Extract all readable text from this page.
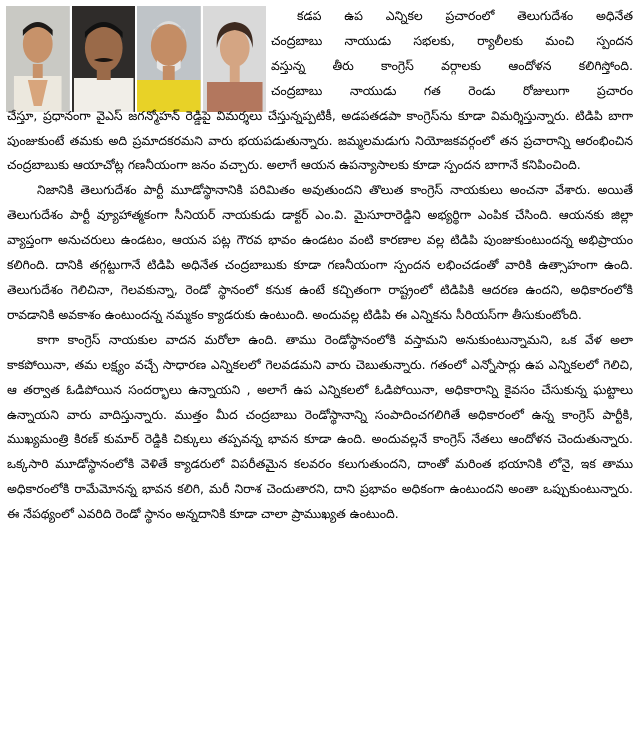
కడప ఉప ఎన్నికల ప్రచారంలో తెలుగుదేశం అధినేత
చంద్రబాబు నాయుడు సభలకు, ర్యాలీలకు మంచి స్పందన
వస్తున్న తీరు కాంగ్రెస్ వర్గాలకు ఆందోళన కలిగిస్తోంది.
చంద్రబాబు నాయుడు గత రెండు రోజులుగా ప్రచారం
చేస్తూ, ప్రధానంగా వైఎస్ జగన్మోహన్ రెడ్డిపై విమర్శలు చేస్తున్నప్పటికీ, అడపతడపా కాంగ్రెస్‌ను కూడా విమర్శిస్తున్నారు. టిడిపి బాగా పుంజుకుంటే తమకు అది ప్రమాదకరమని వారు భయపడుతున్నారు. జమ్మలమడుగు నియోజకవర్గంలో తన ప్రచారాన్ని ఆరంభించిన చంద్రబాబుకు ఆయాచోట్ల గణనీయంగా జనం వచ్చారు. అలాగే ఆయన ఉపన్యాసాలకు కూడా స్పందన బాగానే కనిపించింది.

నిజానికి తెలుగుదేశం పార్టీ మూడోస్థానానికి పరిమితం అవుతుందని తొలుత కాంగ్రెస్ నాయకులు అంచనా వేశారు. అయితే తెలుగుదేశం పార్టీ వ్యూహాత్మకంగా సీనియర్ నాయకుడు డాక్టర్ ఎం.వి. మైసూరారెడ్డిని అభ్యర్థిగా ఎంపిక చేసింది. ఆయనకు జిల్లా వ్యాప్తంగా అనుచరులు ఉండటం, ఆయన పట్ల గౌరవ భావం ఉండటం వంటి కారణాల వల్ల టిడిపి పుంజుకుంటుందన్న అభిప్రాయం కలిగింది. దానికి తగ్గట్టుగానే టిడిపి అధినేత చంద్రబాబుకు కూడా గణనీయంగా స్పందన లభించడంతో వారికి ఉత్సాహంగా ఉంది. తెలుగుదేశం గెలిచినా, గెలవకున్నా, రెండో స్థానంలో కనుక ఉంటే కచ్చితంగా రాష్ట్రంలో టిడిపికి ఆదరణ ఉందని, అధికారంలోకి రావడానికి అవకాశం ఉంటుందన్న నమ్మకం క్యాడరుకు ఉంటుంది. అందువల్ల టిడిపి ఈ ఎన్నికను సీరియస్‌గా తీసుకుంటోంది.

కాగా కాంగ్రెస్ నాయకుల వాదన మరోలా ఉంది. తాము రెండోస్థానంలోకి వస్తామని అనుకుంటున్నామని, ఒక వేళ అలా కాకపోయినా, తమ లక్ష్యం వచ్చే సాధారణ ఎన్నికలలో గెలవడమని వారు చెబుతున్నారు. గతంలో ఎన్నోసార్లు ఉప ఎన్నికలలో గెలిచి, ఆ తర్వాత ఓడిపోయిన సందర్భాలు ఉన్నాయని , అలాగే ఉప ఎన్నికలలో ఓడిపోయినా, అధికారాన్ని కైవసం చేసుకున్న ఘట్టాలు ఉన్నాయని వారు వాదిస్తున్నారు. ముత్తం మీద చంద్రబాబు రెండోస్థానాన్ని సంపాదించగలిగితే అధికారంలో ఉన్న కాంగ్రెస్ పార్టీకి, ముఖ్యమంత్రి కిరణ్ కుమార్ రెడ్డికి చిక్కులు తప్పవన్న భావన కూడా ఉంది. అందువల్లనే కాంగ్రెస్ నేతలు ఆందోళన చెందుతున్నారు. ఒక్కసారి మూడోస్థానంలోకి వెళితే క్యాడరులో విపరీతమైన కలవరం కలుగుతుందని, దాంతో మరింత భయానికి లోనై, ఇక తాము అధికారంలోకి రామేమోనన్న భావన కలిగి, మరీ నిరాశ చెందుతారని, దాని ప్రభావం అధికంగా ఉంటుందని అంతా ఒప్పుకుంటున్నారు. ఈ నేపథ్యంలో ఎవరిది రెండో స్థానం అన్నదానికి కూడా చాలా ప్రాముఖ్యత ఉంటుంది.
